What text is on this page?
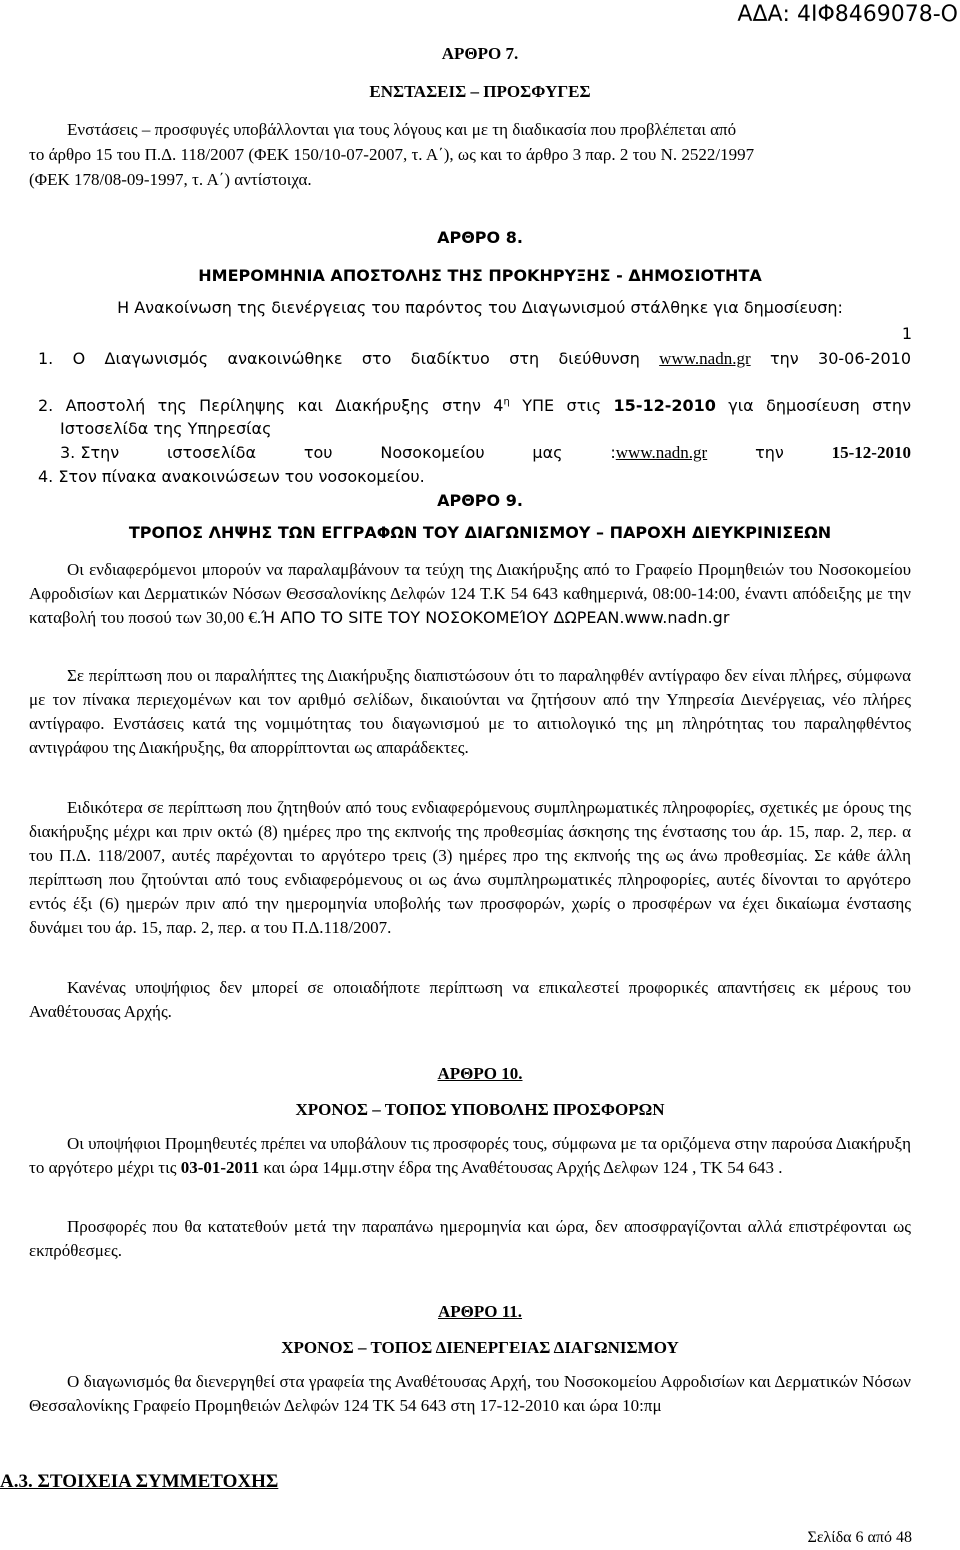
ΑΔΑ: 4ΙΦ8469078-Ο
ΑΡΘΡΟ 7.
ΕΝΣΤΑΣΕΙΣ – ΠΡΟΣΦΥΓΕΣ
Ενστάσεις – προσφυγές υποβάλλονται για τους λόγους και με τη διαδικασία που προβλέπεται από
το άρθρο 15 του Π.Δ. 118/2007 (ΦΕΚ 150/10-07-2007, τ. Α΄), ως και το άρθρο 3 παρ. 2 του Ν. 2522/1997
(ΦΕΚ 178/08-09-1997, τ. Α΄) αντίστοιχα.
ΑΡΘΡΟ 8.
ΗΜΕΡΟΜΗΝΙΑ ΑΠΟΣΤΟΛΗΣ ΤΗΣ ΠΡΟΚΗΡΥΞΗΣ - ΔΗΜΟΣΙΟΤΗΤΑ
Η Ανακοίνωση της διενέργειας του παρόντος του Διαγωνισμού στάλθηκε για δημοσίευση:
1
1. Ο Διαγωνισμός ανακοινώθηκε στο διαδίκτυο στη διεύθυνση www.nadn.gr την 30-06-2010
2. Αποστολή της Περίληψης και Διακήρυξης στην $4^\eta$ ΥΠΕ στις 15-12-2010 για δημοσίευση στην
Ιστοσελίδα της Υπηρεσίας
3. Στην	ιστοσελίδα	του	Νοσοκομείου	μας	:www.nadn.gr	την	15-12-2010
4. Στον πίνακα ανακοινώσεων του νοσοκομείου.
ΑΡΘΡΟ 9.
ΤΡΟΠΟΣ ΛΗΨΗΣ ΤΩΝ ΕΓΓΡΑΦΩΝ ΤΟΥ ΔΙΑΓΩΝΙΣΜΟΥ – ΠΑΡΟΧΗ ΔΙΕΥΚΡΙΝΙΣΕΩΝ

Οι ενδιαφερόμενοι μπορούν να παραλαμβάνουν τα τεύχη της Διακήρυξης από το Γραφείο Προμηθειών του Νοσοκομείου Αφροδισίων και Δερματικών Νόσων Θεσσαλονίκης Δελφών 124 Τ.Κ 54 643 καθημερινά, 08:00-14:00, έναντι απόδειξης με την καταβολή του ποσού των 30,00 €.Ή ΑΠΟ ΤΟ SITE ΤΟΥ ΝΟΣΟΚΟΜΕΊΟΥ ΔΩΡΕΑΝ.www.nadn.gr

Σε περίπτωση που οι παραλήπτες της Διακήρυξης διαπιστώσουν ότι το παραληφθέν αντίγραφο δεν είναι πλήρες, σύμφωνα με τον πίνακα περιεχομένων και τον αριθμό σελίδων, δικαιούνται να ζητήσουν από την Υπηρεσία Διενέργειας, νέο πλήρες αντίγραφο. Ενστάσεις κατά της νομιμότητας του διαγωνισμού με το αιτιολογικό της μη πληρότητας του παραληφθέντος αντιγράφου της Διακήρυξης, θα απορρίπτονται ως απαράδεκτες.

Ειδικότερα σε περίπτωση που ζητηθούν από τους ενδιαφερόμενους συμπληρωματικές πληροφορίες, σχετικές με όρους της διακήρυξης μέχρι και πριν οκτώ (8) ημέρες προ της εκπνοής της προθεσμίας άσκησης της ένστασης του άρ. 15, παρ. 2, περ. α του Π.Δ. 118/2007, αυτές παρέχονται το αργότερο τρεις (3) ημέρες προ της εκπνοής της ως άνω προθεσμίας. Σε κάθε άλλη περίπτωση που ζητούνται από τους ενδιαφερόμενους οι ως άνω συμπληρωματικές πληροφορίες, αυτές δίνονται το αργότερο εντός έξι (6) ημερών πριν από την ημερομηνία υποβολής των προσφορών, χωρίς ο προσφέρων να έχει δικαίωμα ένστασης δυνάμει του άρ. 15, παρ. 2, περ. α του Π.Δ.118/2007.

Κανένας υποψήφιος δεν μπορεί σε οποιαδήποτε περίπτωση να επικαλεστεί προφορικές απαντήσεις εκ μέρους του Αναθέτουσας Αρχής.

ΑΡΘΡΟ 10.
ΧΡΟΝΟΣ – ΤΟΠΟΣ ΥΠΟΒΟΛΗΣ ΠΡΟΣΦΟΡΩΝ

Οι υποψήφιοι Προμηθευτές πρέπει να υποβάλουν τις προσφορές τους, σύμφωνα με τα οριζόμενα στην παρούσα Διακήρυξη το αργότερο μέχρι τις 03-01-2011 και ώρα 14μμ.στην έδρα της Αναθέτουσας Αρχής Δελφων 124 , ΤΚ 54 643 .

Προσφορές που θα κατατεθούν μετά την παραπάνω ημερομηνία και ώρα, δεν αποσφραγίζονται αλλά επιστρέφονται ως εκπρόθεσμες.

ΑΡΘΡΟ 11.
ΧΡΟΝΟΣ – ΤΟΠΟΣ ΔΙΕΝΕΡΓΕΙΑΣ ΔΙΑΓΩΝΙΣΜΟΥ

Ο διαγωνισμός θα διενεργηθεί στα γραφεία της Αναθέτουσας Αρχή, του Νοσοκομείου Αφροδισίων και Δερματικών Νόσων Θεσσαλονίκης Γραφείο Προμηθειών Δελφών 124 ΤΚ 54 643 στη 17-12-2010 και ώρα 10:πμ

Α.3. ΣΤΟΙΧΕΙΑ ΣΥΜΜΕΤΟΧΗΣ
Σελίδα 6 από 48
